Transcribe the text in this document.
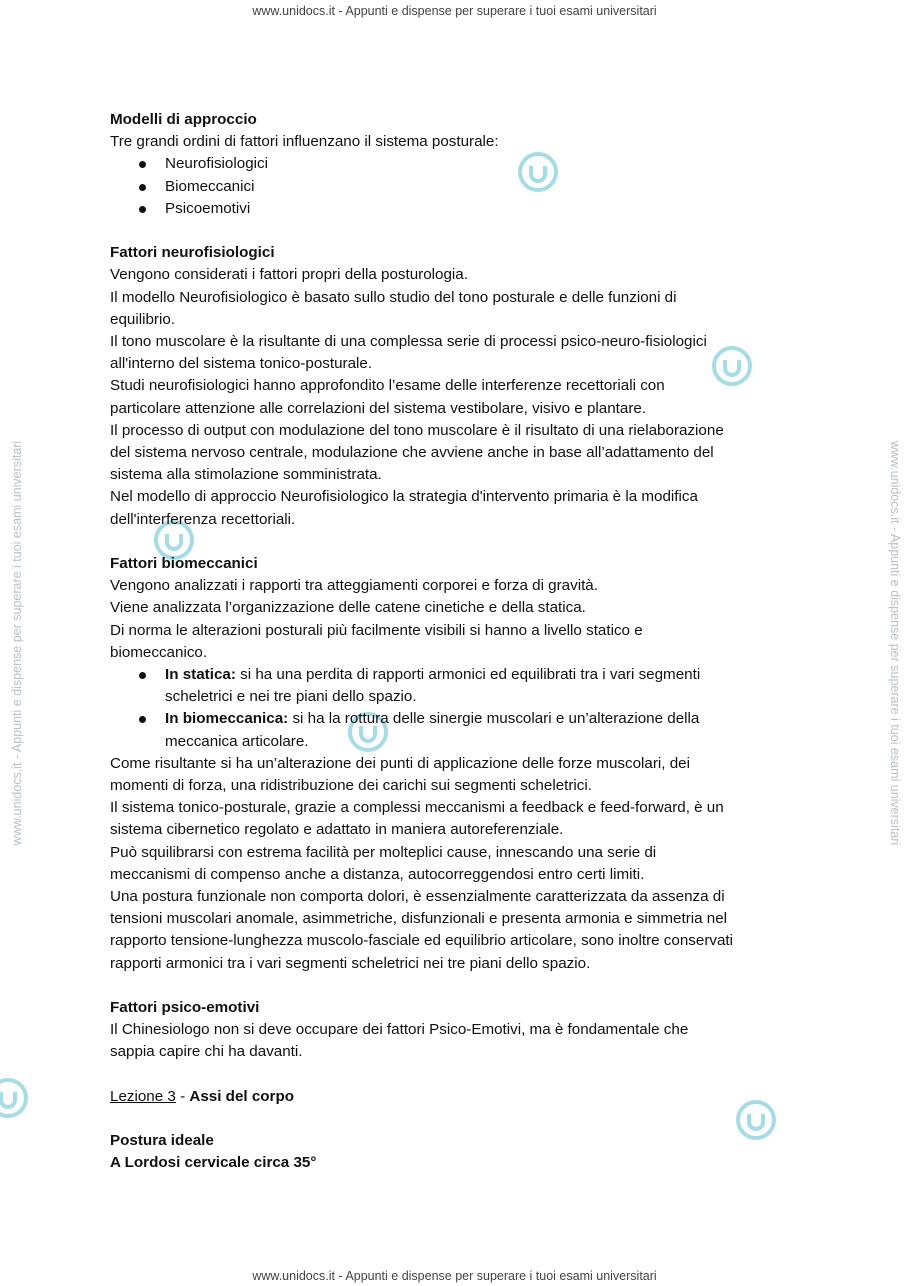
www.unidocs.it - Appunti e dispense per superare i tuoi esami universitari
www.unidocs.it - Appunti e dispense per superare i tuoi esami universitari
www.unidocs.it - Appunti e dispense per superare i tuoi esami universitari	www.unidocs.it - Appunti e dispense per superare i tuoi esami universitari

Modelli di approccio

Tre grandi ordini di fattori influenzano il sistema posturale:

Neurofisiologici
Biomeccanici
Psicoemotivi

Fattori neurofisiologici

Vengono considerati i fattori propri della posturologia.

Il modello Neurofisiologico è basato sullo studio del tono posturale e delle funzioni di

equilibrio.

Il tono muscolare è la risultante di una complessa serie di processi psico-neuro-fisiologici

all'interno del sistema tonico-posturale.

Studi neurofisiologici hanno approfondito l’esame delle interferenze recettoriali con

particolare attenzione alle correlazioni del sistema vestibolare, visivo e plantare.

Il processo di output con modulazione del tono muscolare è il risultato di una rielaborazione

del sistema nervoso centrale, modulazione che avviene anche in base all’adattamento del

sistema alla stimolazione somministrata.

Nel modello di approccio Neurofisiologico la strategia d'intervento primaria è la modifica

dell'interferenza recettoriali.

Fattori biomeccanici

Vengono analizzati i rapporti tra atteggiamenti corporei e forza di gravità.

Viene analizzata l’organizzazione delle catene cinetiche e della statica.

Di norma le alterazioni posturali più facilmente visibili si hanno a livello statico e

biomeccanico.

In statica: si ha una perdita di rapporti armonici ed equilibrati tra i vari segmenti
scheletrici e nei tre piani dello spazio.
In biomeccanica: si ha la rottura delle sinergie muscolari e un’alterazione della
meccanica articolare.

Come risultante si ha un’alterazione dei punti di applicazione delle forze muscolari, dei

momenti di forza, una ridistribuzione dei carichi sui segmenti scheletrici.

Il sistema tonico-posturale, grazie a complessi meccanismi a feedback e feed-forward, è un

sistema cibernetico regolato e adattato in maniera autoreferenziale.

Può squilibrarsi con estrema facilità per molteplici cause, innescando una serie di

meccanismi di compenso anche a distanza, autocorreggendosi entro certi limiti.

Una postura funzionale non comporta dolori, è essenzialmente caratterizzata da assenza di

tensioni muscolari anomale, asimmetriche, disfunzionali e presenta armonia e simmetria nel

rapporto tensione-lunghezza muscolo-fasciale ed equilibrio articolare, sono inoltre conservati

rapporti armonici tra i vari segmenti scheletrici nei tre piani dello spazio.

Fattori psico-emotivi

Il Chinesiologo non si deve occupare dei fattori Psico-Emotivi, ma è fondamentale che

sappia capire chi ha davanti.

Lezione 3 - Assi del corpo

Postura ideale

A Lordosi cervicale circa 35°
